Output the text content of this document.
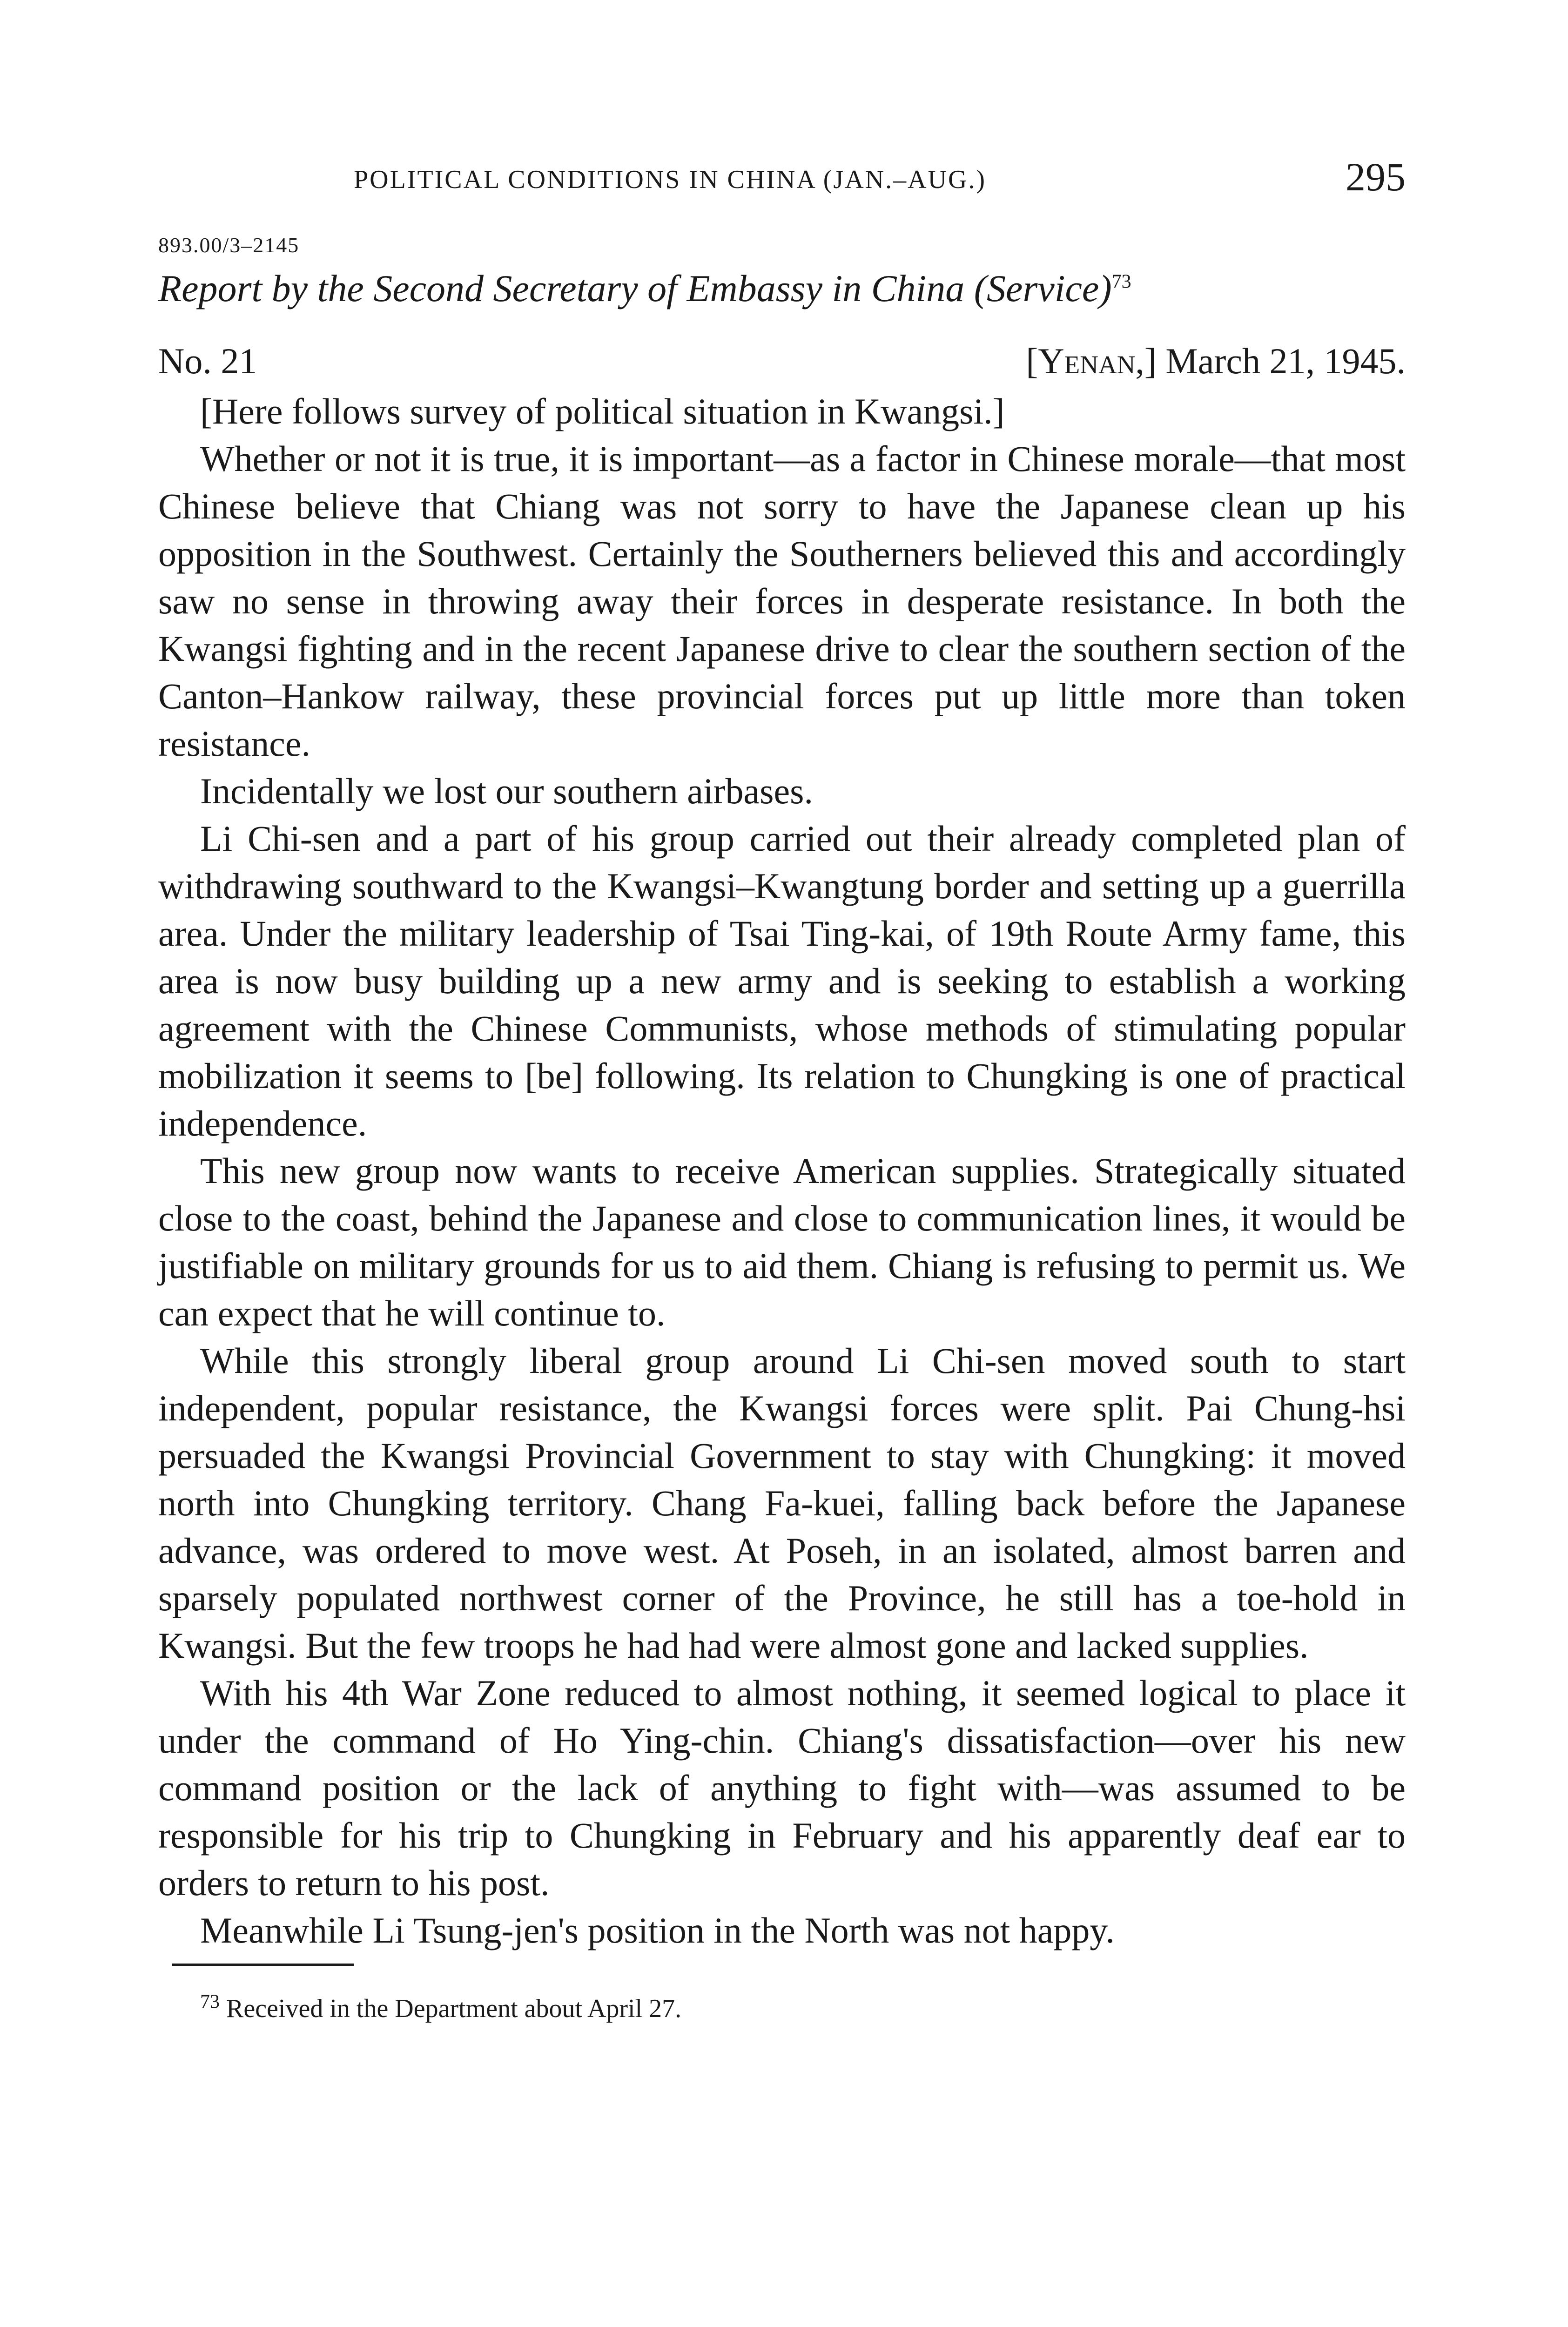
POLITICAL CONDITIONS IN CHINA (JAN.–AUG.)	295
893.00/3–2145
Report by the Second Secretary of Embassy in China (Service)$^{73}$
No. 21	[Yenan,] March 21, 1945.

[Here follows survey of political situation in Kwangsi.]

Whether or not it is true, it is important—as a factor in Chinese morale—that most Chinese believe that Chiang was not sorry to have the Japanese clean up his opposition in the Southwest. Certainly the Southerners believed this and accordingly saw no sense in throwing away their forces in desperate resistance. In both the Kwangsi fighting and in the recent Japanese drive to clear the southern section of the Canton–Hankow railway, these provincial forces put up little more than token resistance.

Incidentally we lost our southern airbases.

Li Chi-sen and a part of his group carried out their already completed plan of withdrawing southward to the Kwangsi–Kwangtung border and setting up a guerrilla area. Under the military leadership of Tsai Ting-kai, of 19th Route Army fame, this area is now busy building up a new army and is seeking to establish a working agreement with the Chinese Communists, whose methods of stimulating popular mobilization it seems to [be] following. Its relation to Chungking is one of practical independence.

This new group now wants to receive American supplies. Strategically situated close to the coast, behind the Japanese and close to communication lines, it would be justifiable on military grounds for us to aid them. Chiang is refusing to permit us. We can expect that he will continue to.

While this strongly liberal group around Li Chi-sen moved south to start independent, popular resistance, the Kwangsi forces were split. Pai Chung-hsi persuaded the Kwangsi Provincial Government to stay with Chungking: it moved north into Chungking territory. Chang Fa-kuei, falling back before the Japanese advance, was ordered to move west. At Poseh, in an isolated, almost barren and sparsely populated northwest corner of the Province, he still has a toe-hold in Kwangsi. But the few troops he had had were almost gone and lacked supplies.

With his 4th War Zone reduced to almost nothing, it seemed logical to place it under the command of Ho Ying-chin. Chiang's dissatisfaction—over his new command position or the lack of anything to fight with—was assumed to be responsible for his trip to Chungking in February and his apparently deaf ear to orders to return to his post.

Meanwhile Li Tsung-jen's position in the North was not happy.

$^{73}$ Received in the Department about April 27.
